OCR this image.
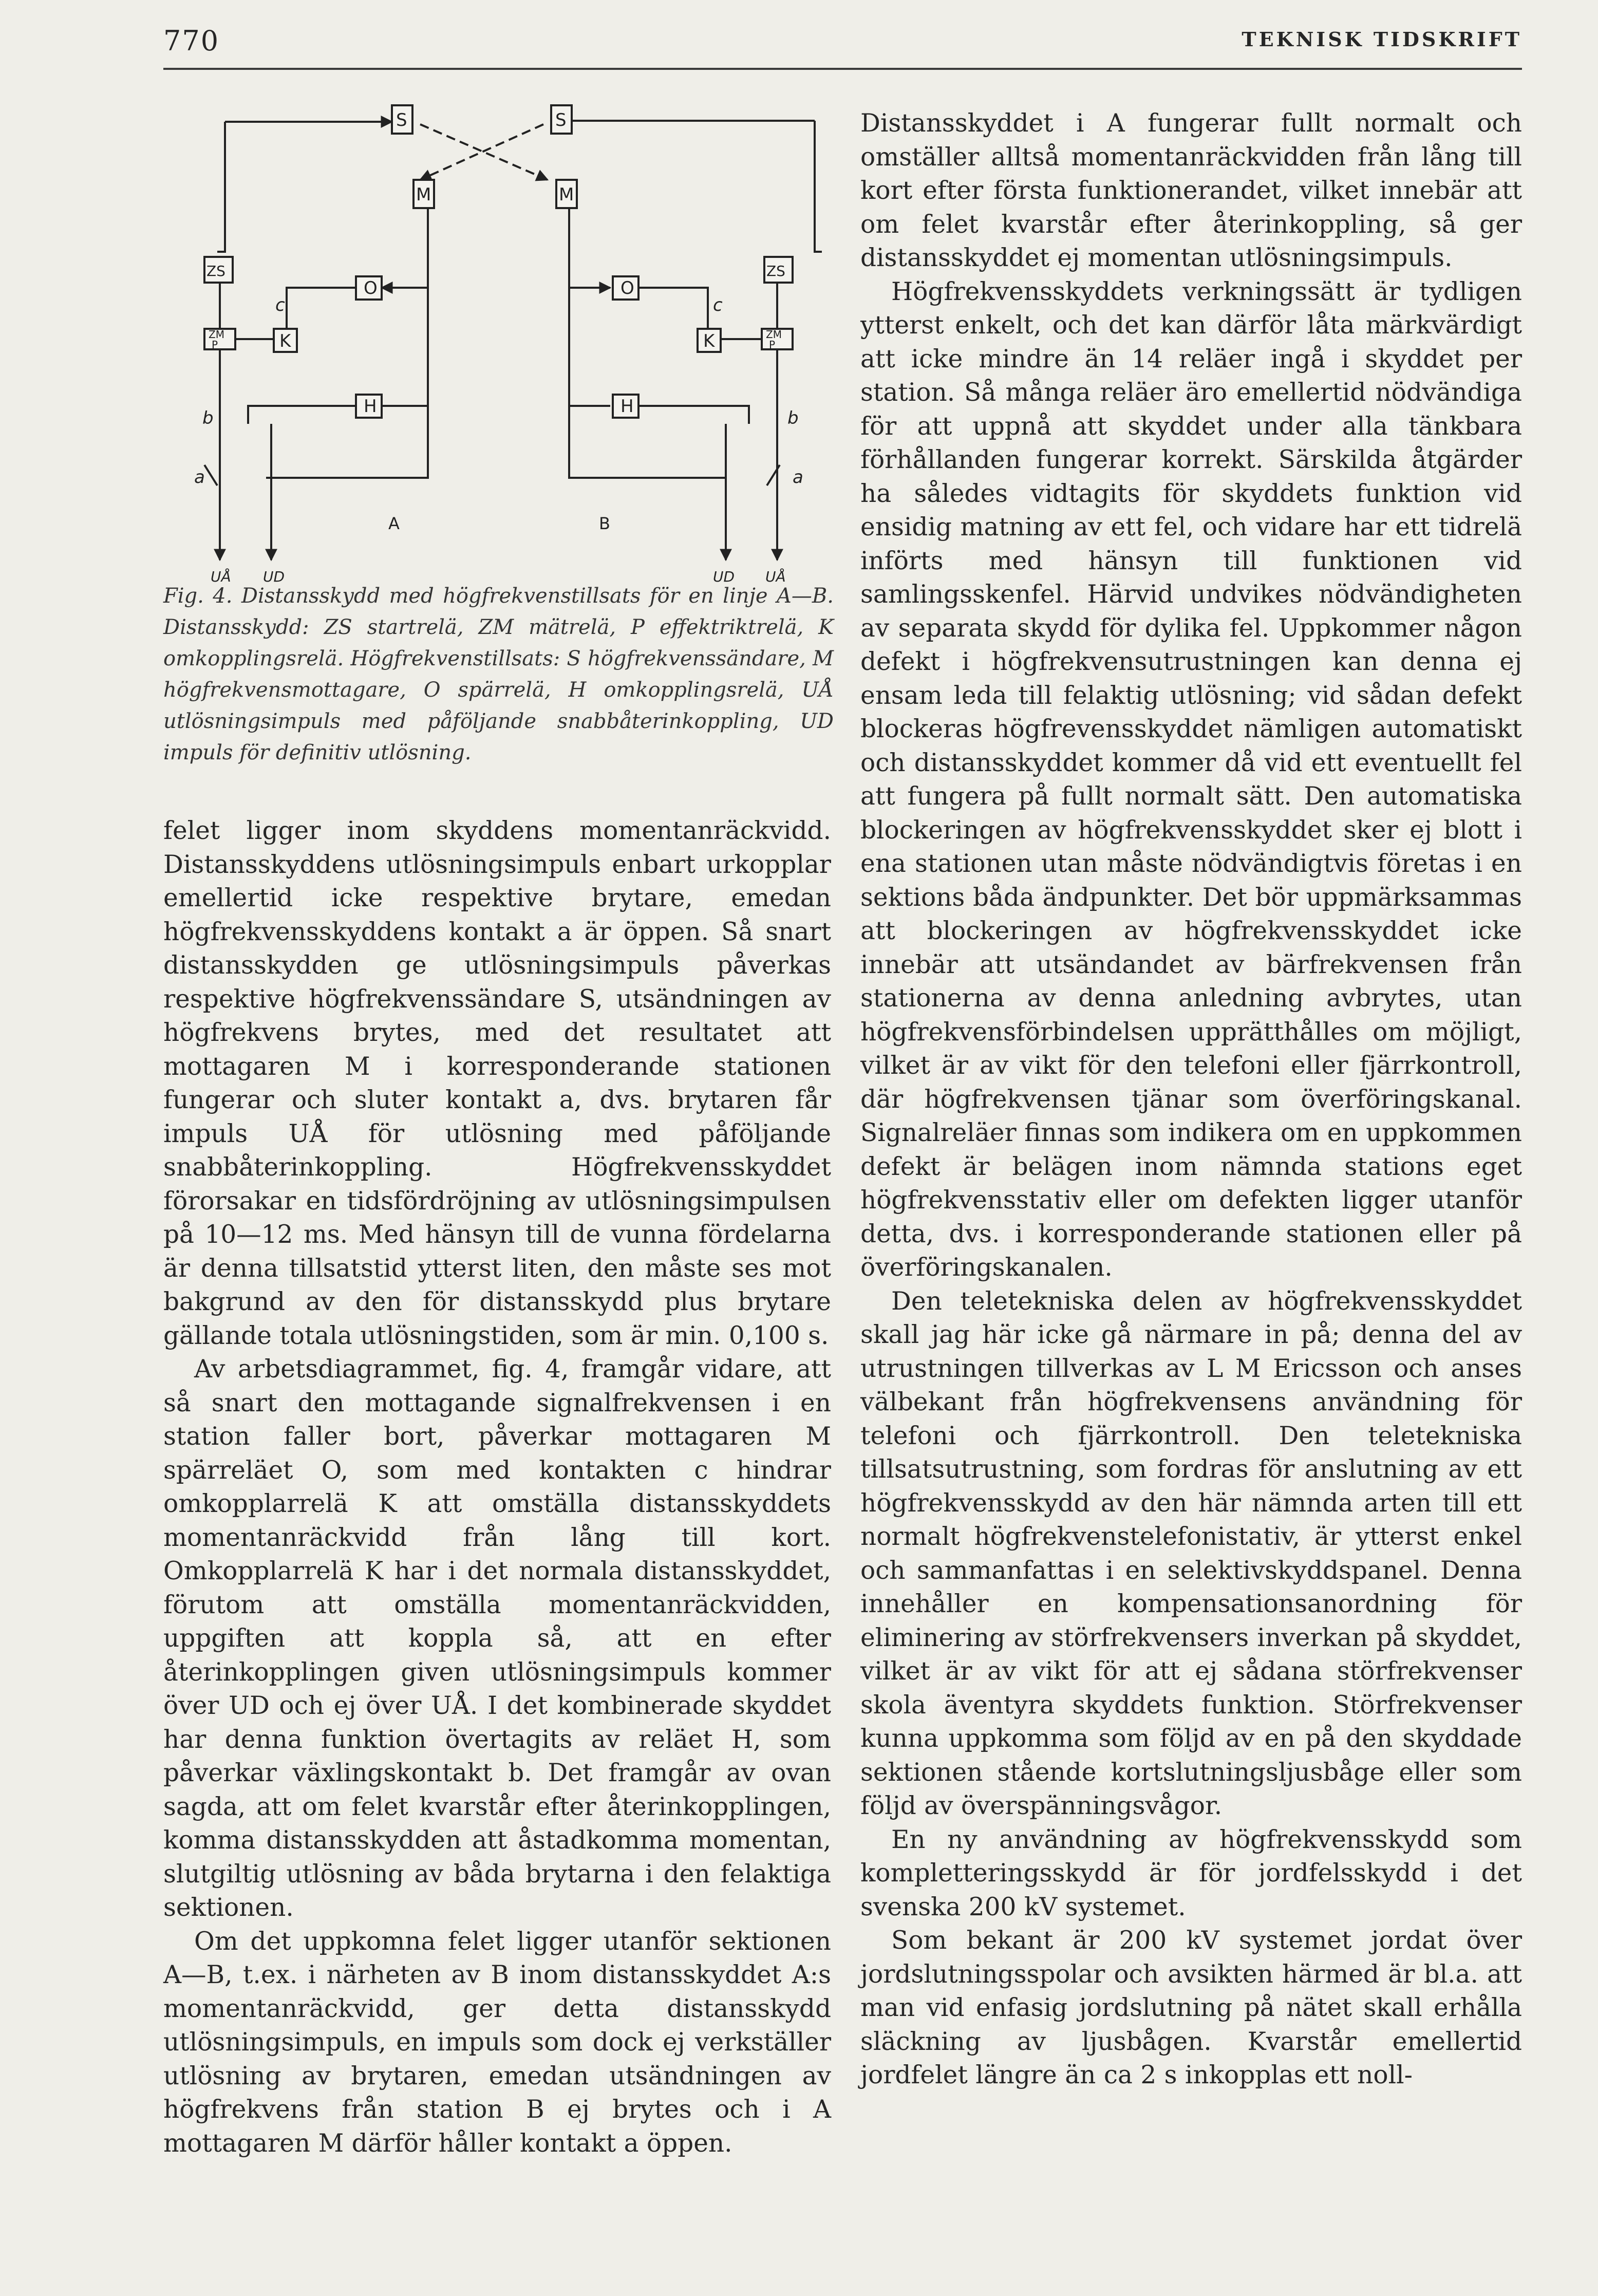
770	TEKNISK TIDSKRIFT
S	S
M	M
ZS	ZS
O	O
ZM
P
ZM
P
K	K
H	H
c	c
b	b
a	a
A	B
UÅ UD	UD UÅ
Fig. 4. Distansskydd med högfrekvenstillsats för en linje A—B. Distansskydd: ZS startrelä, ZM mätrelä, P effektriktrelä, K omkopplingsrelä. Högfrekvenstillsats: S högfrekvenssändare, M högfrekvensmottagare, O spärrelä, H omkopplingsrelä, UÅ utlösningsimpuls med påföljande snabbåterinkoppling, UD impuls för definitiv utlösning.

felet ligger inom skyddens momentanräckvidd. Distansskyddens utlösningsimpuls enbart urkopplar emellertid icke respektive brytare, emedan högfrekvensskyddens kontakt a är öppen. Så snart distansskydden ge utlösningsimpuls påverkas respektive högfrekvenssändare S, utsändningen av högfrekvens brytes, med det resultatet att mottagaren M i korresponderande stationen fungerar och sluter kontakt a, dvs. brytaren får impuls UÅ för utlösning med påföljande snabbåterinkoppling. Högfrekvensskyddet förorsakar en tidsfördröjning av utlösningsimpulsen på 10—12 ms. Med hänsyn till de vunna fördelarna är denna tillsatstid ytterst liten, den måste ses mot bakgrund av den för distansskydd plus brytare gällande totala utlösningstiden, som är min. 0,100 s.

Av arbetsdiagrammet, fig. 4, framgår vidare, att så snart den mottagande signalfrekvensen i en station faller bort, påverkar mottagaren M spärreläet O, som med kontakten c hindrar omkopplarrelä K att omställa distansskyddets momentanräckvidd från lång till kort. Omkopplarrelä K har i det normala distansskyddet, förutom att omställa momentanräckvidden, uppgiften att koppla så, att en efter återinkopplingen given utlösningsimpuls kommer över UD och ej över UÅ. I det kombinerade skyddet har denna funktion övertagits av reläet H, som påverkar växlingskontakt b. Det framgår av ovan sagda, att om felet kvarstår efter återinkopplingen, komma distansskydden att åstadkomma momentan, slutgiltig utlösning av båda brytarna i den felaktiga sektionen.

Om det uppkomna felet ligger utanför sektionen A—B, t.ex. i närheten av B inom distansskyddet A:s momentanräckvidd, ger detta distansskydd utlösningsimpuls, en impuls som dock ej verkställer utlösning av brytaren, emedan utsändningen av högfrekvens från station B ej brytes och i A mottagaren M därför håller kontakt a öppen.

Distansskyddet i A fungerar fullt normalt och omställer alltså momentanräckvidden från lång till kort efter första funktionerandet, vilket innebär att om felet kvarstår efter återinkoppling, så ger distansskyddet ej momentan utlösningsimpuls.

Högfrekvensskyddets verkningssätt är tydligen ytterst enkelt, och det kan därför låta märkvärdigt att icke mindre än 14 reläer ingå i skyddet per station. Så många reläer äro emellertid nödvändiga för att uppnå att skyddet under alla tänkbara förhållanden fungerar korrekt. Särskilda åtgärder ha således vidtagits för skyddets funktion vid ensidig matning av ett fel, och vidare har ett tidrelä införts med hänsyn till funktionen vid samlingsskenfel. Härvid undvikes nödvändigheten av separata skydd för dylika fel. Uppkommer någon defekt i högfrekvensutrustningen kan denna ej ensam leda till felaktig utlösning; vid sådan defekt blockeras högfrevensskyddet nämligen automatiskt och distansskyddet kommer då vid ett eventuellt fel att fungera på fullt normalt sätt. Den automatiska blockeringen av högfrekvensskyddet sker ej blott i ena stationen utan måste nödvändigtvis företas i en sektions båda ändpunkter. Det bör uppmärksammas att blockeringen av högfrekvensskyddet icke innebär att utsändandet av bärfrekvensen från stationerna av denna anledning avbrytes, utan högfrekvensförbindelsen upprätthålles om möjligt, vilket är av vikt för den telefoni eller fjärrkontroll, där högfrekvensen tjänar som överföringskanal. Signalreläer finnas som indikera om en uppkommen defekt är belägen inom nämnda stations eget högfrekvensstativ eller om defekten ligger utanför detta, dvs. i korresponderande stationen eller på överföringskanalen.

Den teletekniska delen av högfrekvensskyddet skall jag här icke gå närmare in på; denna del av utrustningen tillverkas av L M Ericsson och anses välbekant från högfrekvensens användning för telefoni och fjärrkontroll. Den teletekniska tillsatsutrustning, som fordras för anslutning av ett högfrekvensskydd av den här nämnda arten till ett normalt högfrekvenstelefonistativ, är ytterst enkel och sammanfattas i en selektivskyddspanel. Denna innehåller en kompensationsanordning för eliminering av störfrekvensers inverkan på skyddet, vilket är av vikt för att ej sådana störfrekvenser skola äventyra skyddets funktion. Störfrekvenser kunna uppkomma som följd av en på den skyddade sektionen stående kortslutningsljusbåge eller som följd av överspänningsvågor.

En ny användning av högfrekvensskydd som kompletteringsskydd är för jordfelsskydd i det svenska 200 kV systemet.

Som bekant är 200 kV systemet jordat över jordslutningsspolar och avsikten härmed är bl.a. att man vid enfasig jordslutning på nätet skall erhålla släckning av ljusbågen. Kvarstår emellertid jordfelet längre än ca 2 s inkopplas ett noll-
